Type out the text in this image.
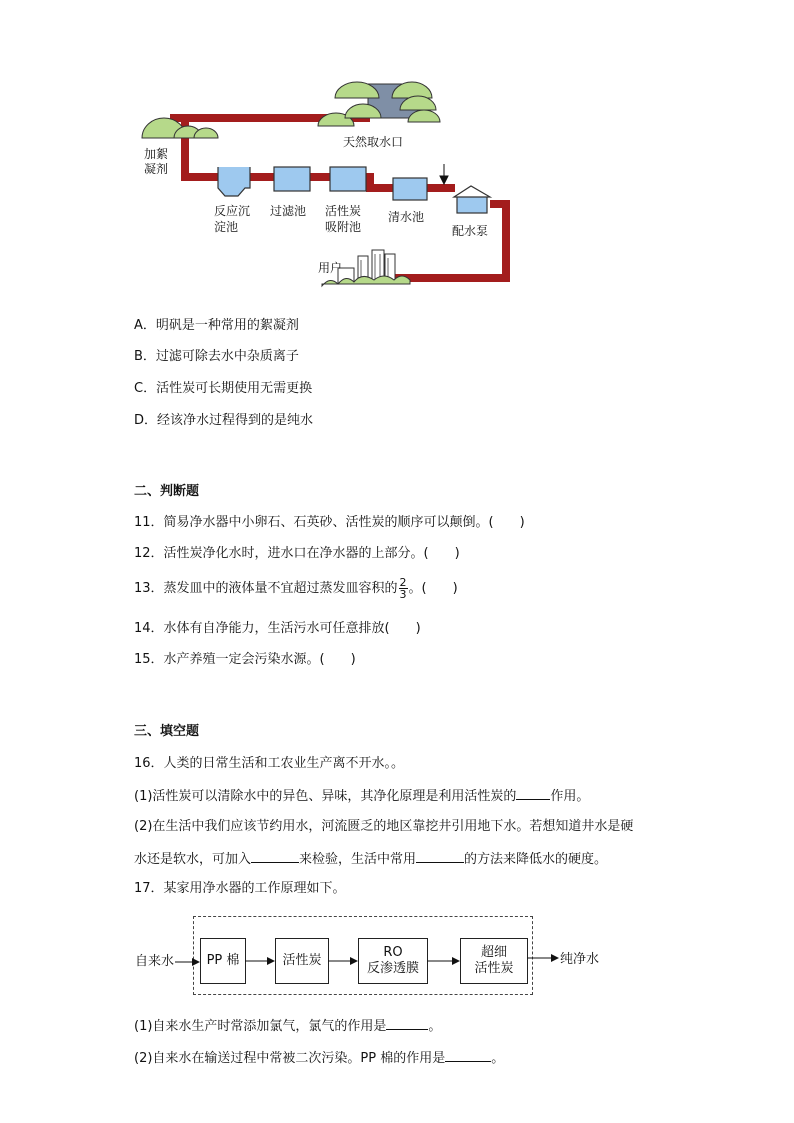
天然取水口
加絮
凝剂
反应沉
淀池
过滤池 活性炭
吸附池
清水池
配水泵
用户
A．明矾是一种常用的絮凝剂
B．过滤可除去水中杂质离子
C．活性炭可长期使用无需更换
D．经该净水过程得到的是纯水
二、判断题
11．简易净水器中小卵石、石英砂、活性炭的顺序可以颠倒。(　　)
12．活性炭净化水时，进水口在净水器的上部分。(　　)
13．蒸发皿中的液体量不宜超过蒸发皿容积的 $\frac{2}{3}$ 。(　　)
14．水体有自净能力，生活污水可任意排放(　　)
15．水产养殖一定会污染水源。(　　)
三、填空题
16．人类的日常生活和工农业生产离不开水。。
(1)活性炭可以清除水中的异色、异味，其净化原理是利用活性炭的	作用。
(2)在生活中我们应该节约用水，河流匮乏的地区靠挖井引用地下水。若想知道井水是硬
水还是软水，可加入	来检验，生活中常用	的方法来降低水的硬度。
17．某家用净水器的工作原理如下。
自来水	PP 棉	活性炭
RO
反渗透膜
超细
活性炭
纯净水
(1)自来水生产时常添加氯气，氯气的作用是	。
(2)自来水在输送过程中常被二次污染。PP 棉的作用是	。
